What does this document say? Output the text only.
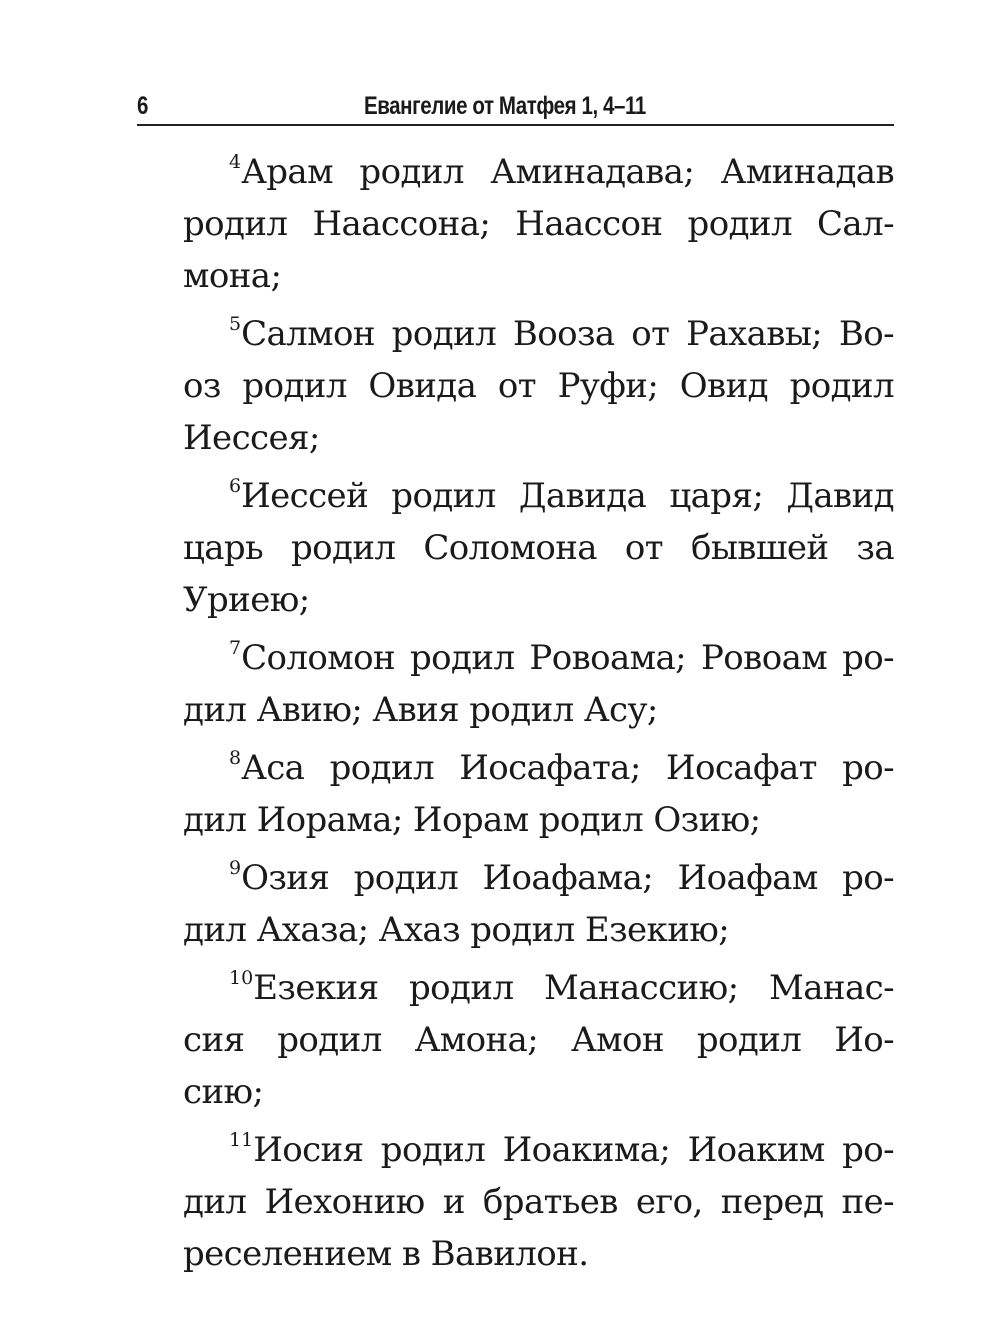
6	Евангелие от Матфея 1, 4–11
$^4$Арам родил Аминадава; Аминадав
родил Наассона; Наассон родил Сал-
мона;
$^5$Салмон родил Вооза от Рахавы; Во-
оз родил Овида от Руфи; Овид родил
Иессея;
$^6$Иессей родил Давида царя; Давид
царь родил Соломона от бывшей за
Уриею;
$^7$Соломон родил Ровоама; Ровоам ро-
дил Авию; Авия родил Асу;
$^8$Аса родил Иосафата; Иосафат ро-
дил Иорама; Иорам родил Озию;
$^9$Озия родил Иоафама; Иоафам ро-
дил Ахаза; Ахаз родил Езекию;
$^{10}$Езекия родил Манассию; Манас-
сия родил Амона; Амон родил Ио-
сию;
$^{11}$Иосия родил Иоакима; Иоаким ро-
дил Иехонию и братьев его, перед пе-
реселением в Вавилон.
